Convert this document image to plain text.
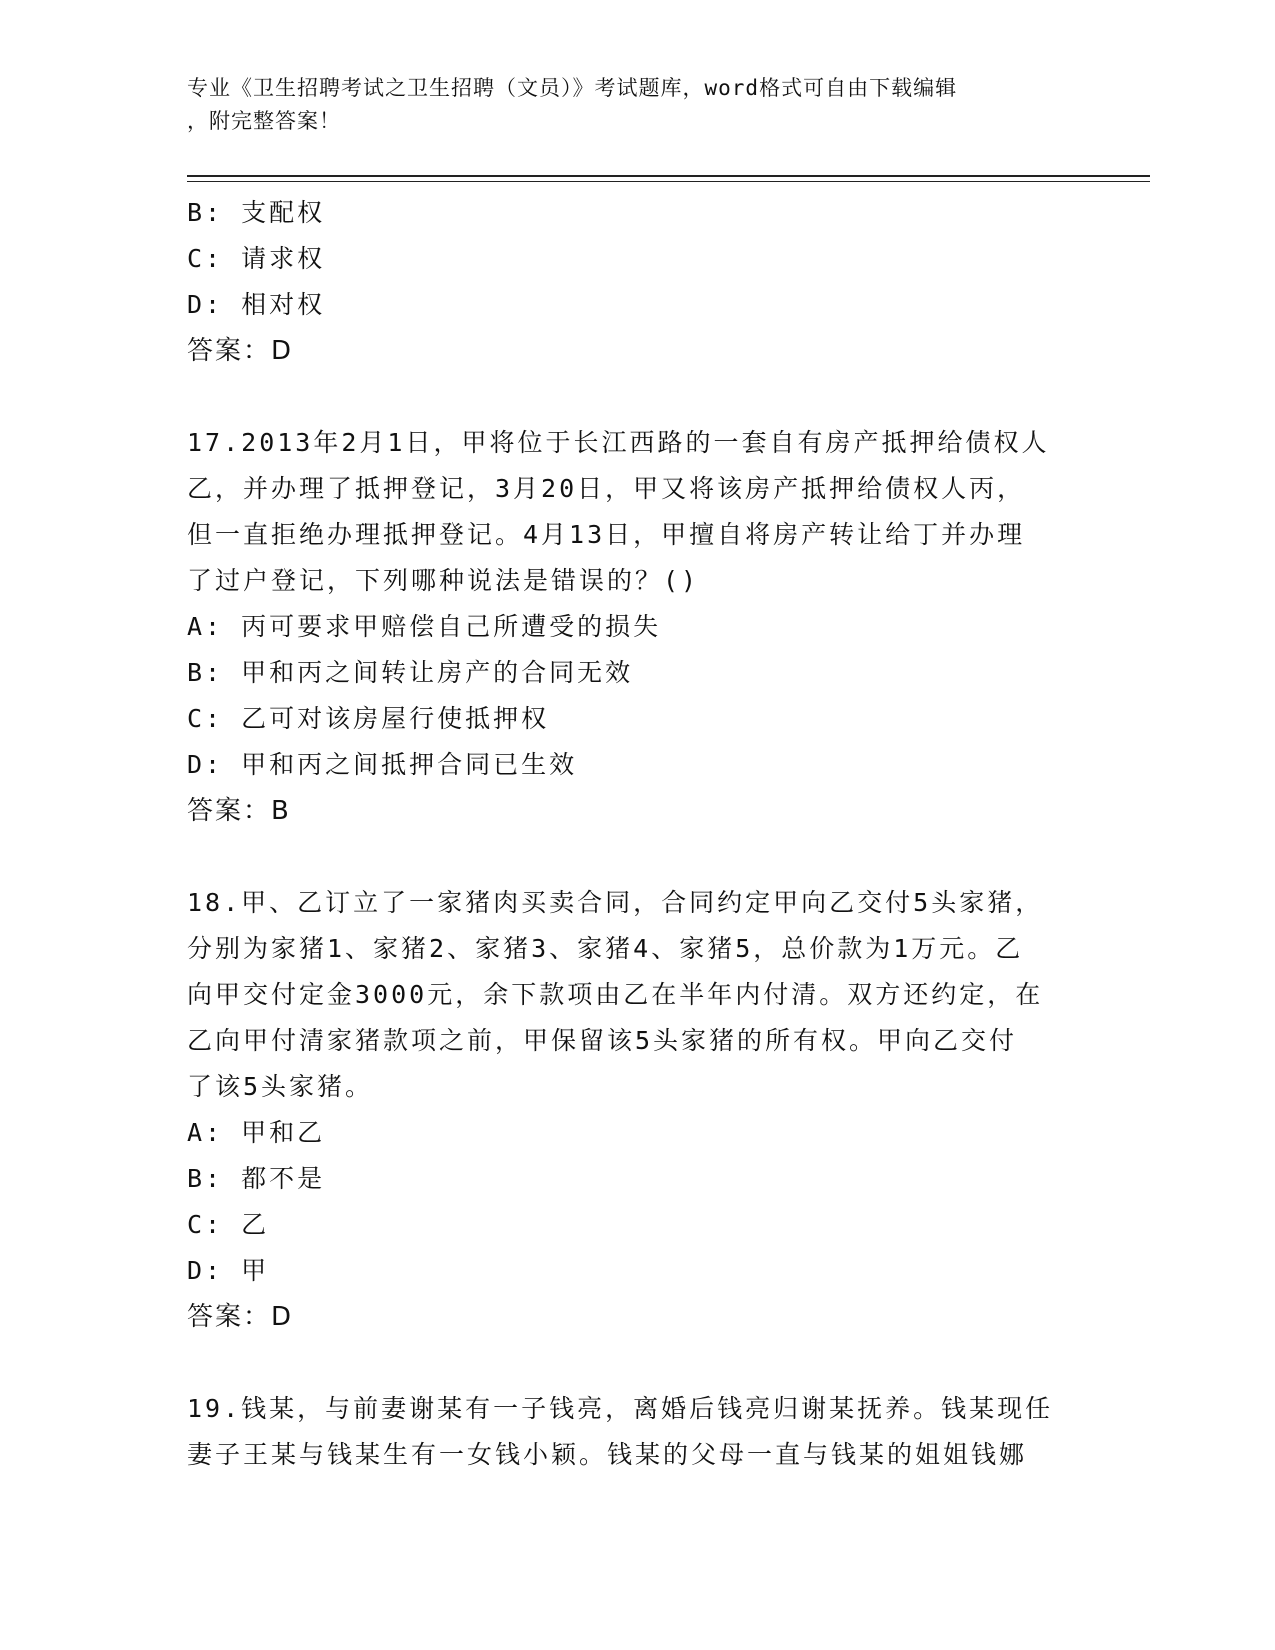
专业《卫生招聘考试之卫生招聘（文员）》考试题库，word格式可自由下载编辑
，附完整答案！
B: 支配权
C: 请求权
D: 相对权
答案：D
17.2013年2月1日，甲将位于长江西路的一套自有房产抵押给债权人
乙，并办理了抵押登记，3月20日，甲又将该房产抵押给债权人丙，
但一直拒绝办理抵押登记。4月13日，甲擅自将房产转让给丁并办理
了过户登记，下列哪种说法是错误的？()
A: 丙可要求甲赔偿自己所遭受的损失
B: 甲和丙之间转让房产的合同无效
C: 乙可对该房屋行使抵押权
D: 甲和丙之间抵押合同已生效
答案：B
18.甲、乙订立了一家猪肉买卖合同，合同约定甲向乙交付5头家猪，
分别为家猪1、家猪2、家猪3、家猪4、家猪5，总价款为1万元。乙
向甲交付定金3000元，余下款项由乙在半年内付清。双方还约定，在
乙向甲付清家猪款项之前，甲保留该5头家猪的所有权。甲向乙交付
了该5头家猪。
A: 甲和乙
B: 都不是
C: 乙
D: 甲
答案：D
19.钱某，与前妻谢某有一子钱亮，离婚后钱亮归谢某抚养。钱某现任
妻子王某与钱某生有一女钱小颖。钱某的父母一直与钱某的姐姐钱娜
